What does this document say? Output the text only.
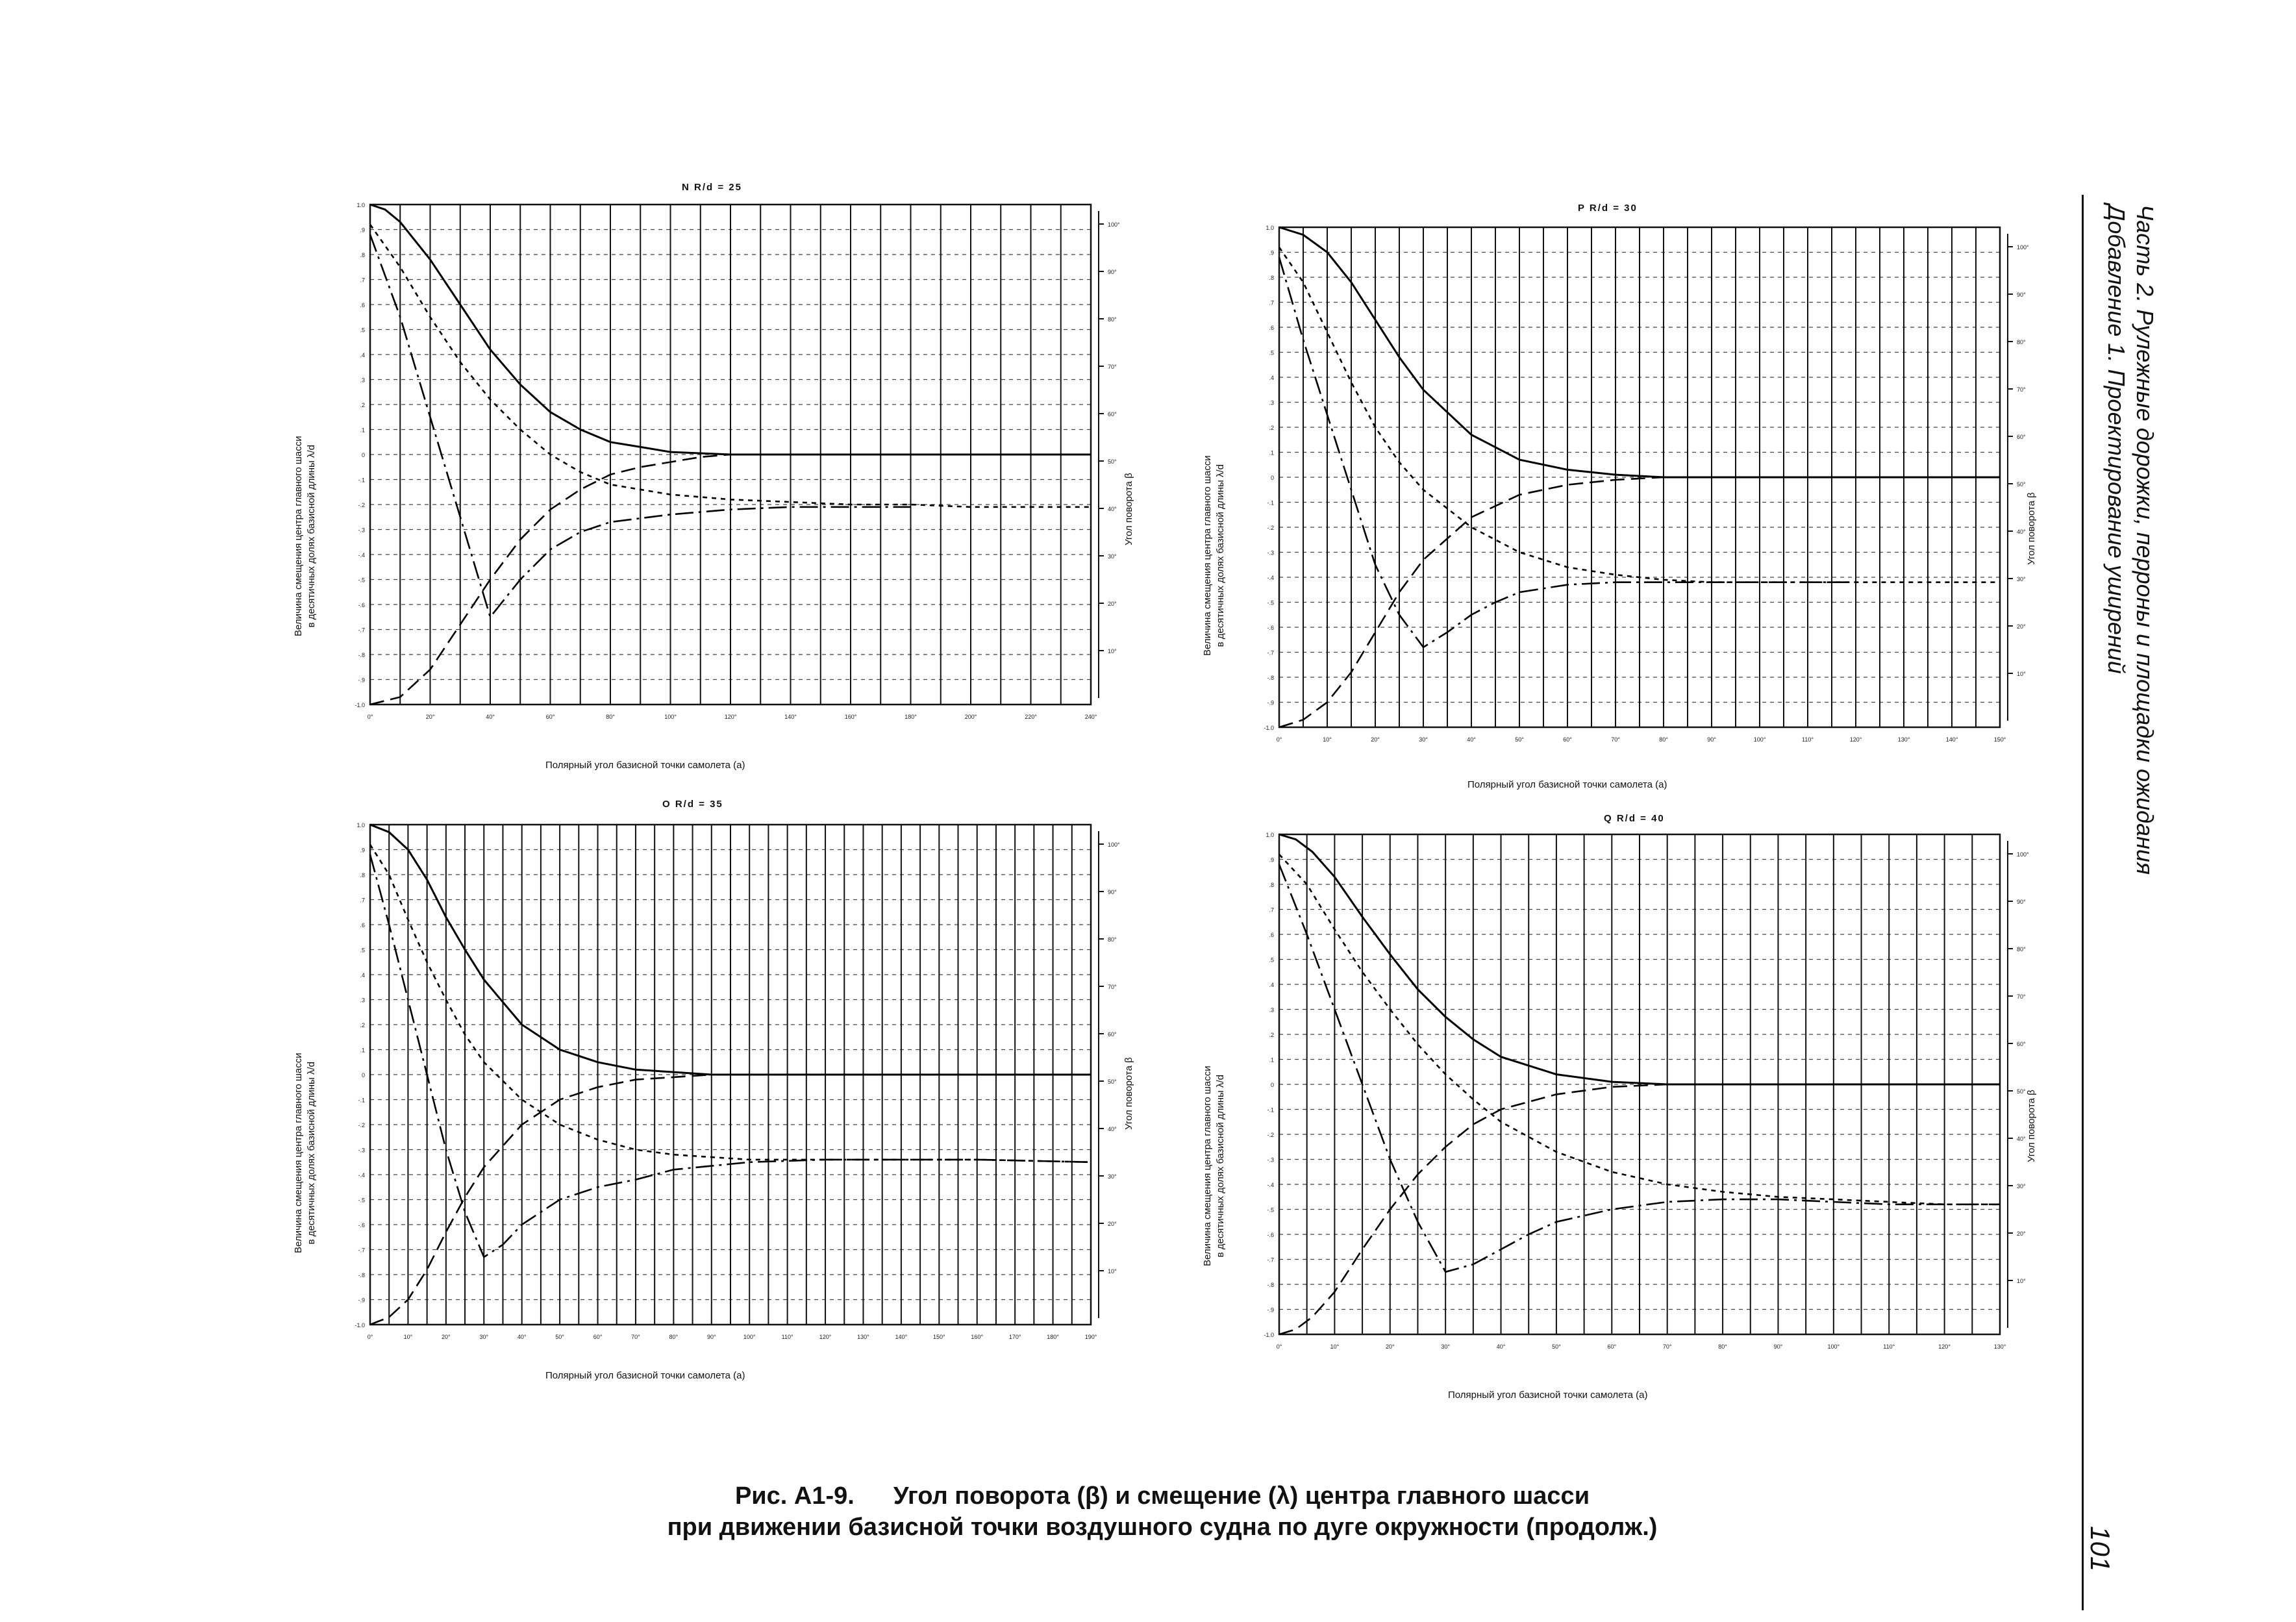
Часть 2. Рулежные дорожки, перроны и площадки ожидания
Добавление 1. Проектирование уширений
101
N R/d = 25
Величина смещения центра главного шасси в десятичных долях базисной длины λ/d	Угол поворота β
Полярный угол базисной точки самолета (a)
1.0
.9
.8
.7
.6
.5
.4
.3
.2
.1
0
-.1
-.2
-.3
-.4
-.5
-.6
-.7
-.8
-.9
-1.0
0°	20°	40°	60°	80°	100°	120°	140°	160°	180°	200°	220°	240°
10°
20°
30°
40°
50°
60°
70°
80°
90°
100°
P R/d = 30
Величина смещения центра главного шасси в десятичных долях базисной длины λ/d	Угол поворота β
Полярный угол базисной точки самолета (a)
1.0
.9
.8
.7
.6
.5
.4
.3
.2
.1
0
-.1
-.2
-.3
-.4
-.5
-.6
-.7
-.8
-.9
-1.0
0°	10°	20°	30°	40°	50°	60°	70°	80°	90°	100°	110°	120°	130°	140°	150°
10°
20°
30°
40°
50°
60°
70°
80°
90°
100°
O R/d = 35
Величина смещения центра главного шасси в десятичных долях базисной длины λ/d	Угол поворота β
Полярный угол базисной точки самолета (a)
1.0
.9
.8
.7
.6
.5
.4
.3
.2
.1
0
-.1
-.2
-.3
-.4
-.5
-.6
-.7
-.8
-.9
-1.0
0°	10°	20°	30°	40°	50°	60°	70°	80°	90°	100°	110°	120°	130°	140°	150°	160°	170°	180°	190°
10°
20°
30°
40°
50°
60°
70°
80°
90°
100°
Q R/d = 40
Величина смещения центра главного шасси в десятичных долях базисной длины λ/d	Угол поворота β
Полярный угол базисной точки самолета (a)
1.0
.9
.8
.7
.6
.5
.4
.3
.2
.1
0
-.1
-.2
-.3
-.4
-.5
-.6
-.7
-.8
-.9
-1.0
0°	10°	20°	30°	40°	50°	60°	70°	80°	90°	100°	110°	120°	130°
10°
20°
30°
40°
50°
60°
70°
80°
90°
100°
Рис. А1-9. Угол поворота (β) и смещение (λ) центра главного шасси
при движении базисной точки воздушного судна по дуге окружности (продолж.)
